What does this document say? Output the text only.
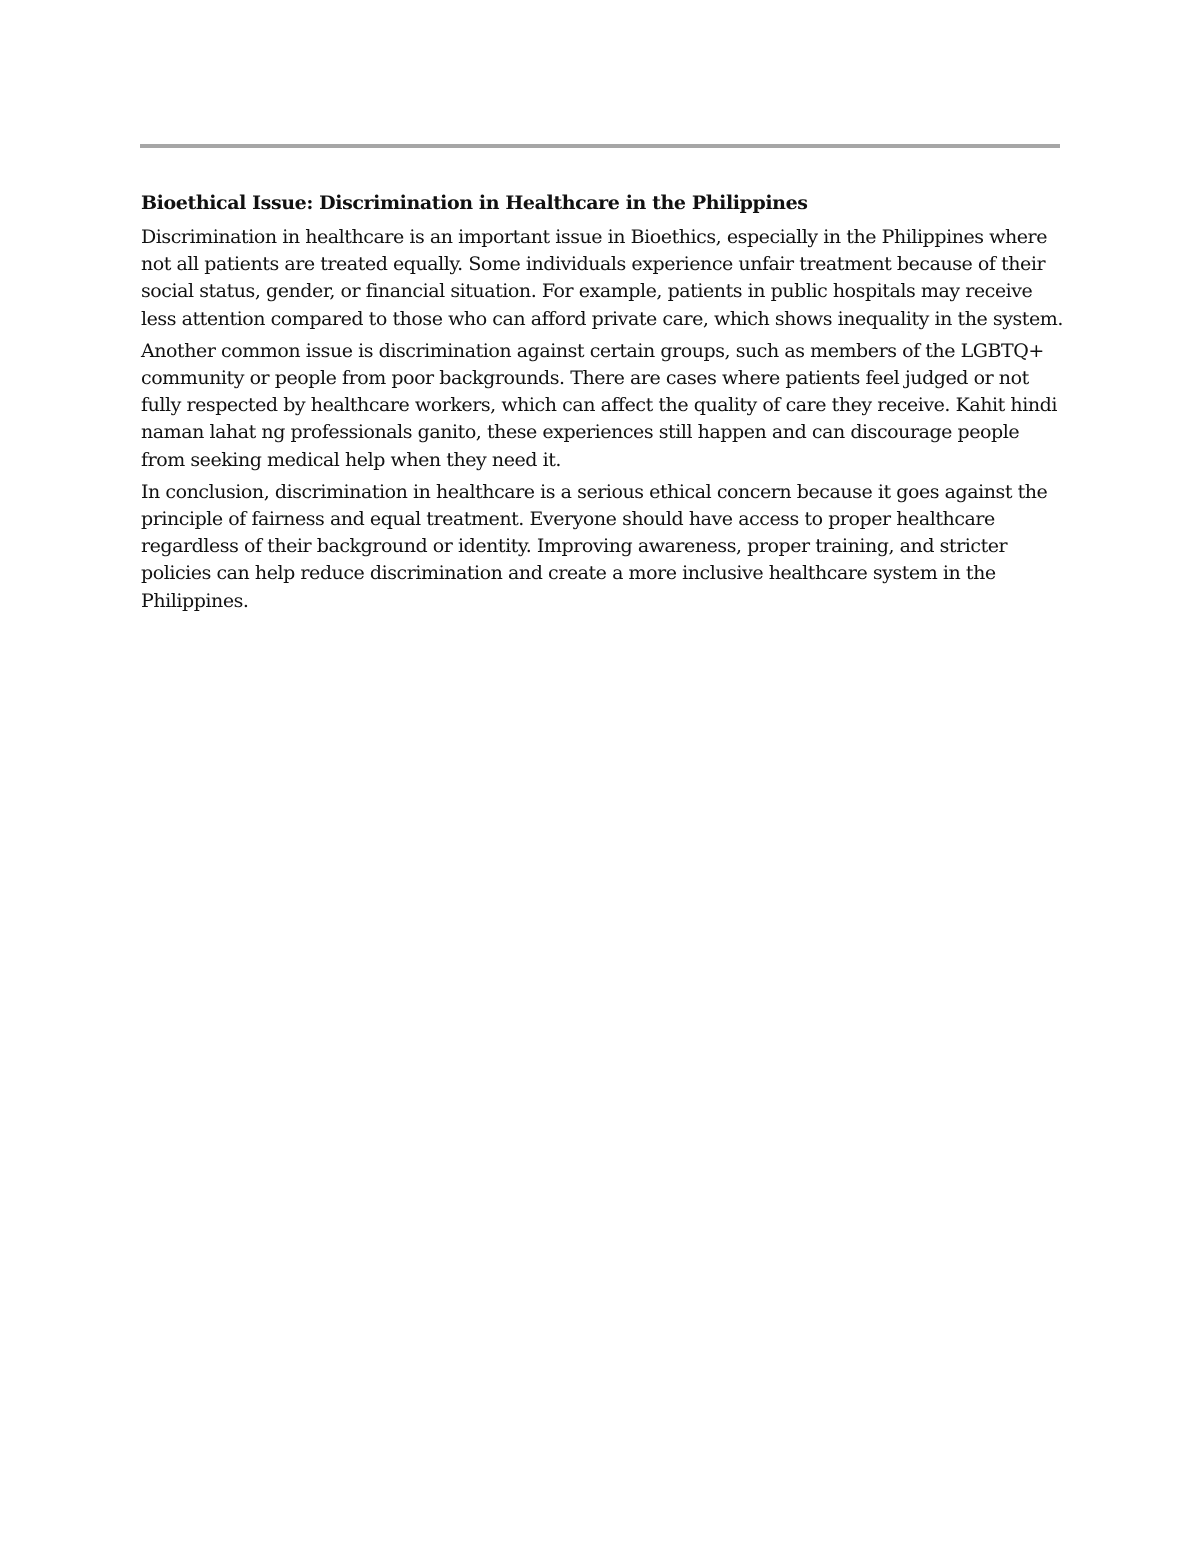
Bioethical Issue: Discrimination in Healthcare in the Philippines

Discrimination in healthcare is an important issue in Bioethics, especially in the Philippines where not all patients are treated equally. Some individuals experience unfair treatment because of their social status, gender, or financial situation. For example, patients in public hospitals may receive less attention compared to those who can afford private care, which shows inequality in the system.

Another common issue is discrimination against certain groups, such as members of the LGBTQ+ community or people from poor backgrounds. There are cases where patients feel judged or not fully respected by healthcare workers, which can affect the quality of care they receive. Kahit hindi naman lahat ng professionals ganito, these experiences still happen and can discourage people from seeking medical help when they need it.

In conclusion, discrimination in healthcare is a serious ethical concern because it goes against the principle of fairness and equal treatment. Everyone should have access to proper healthcare regardless of their background or identity. Improving awareness, proper training, and stricter policies can help reduce discrimination and create a more inclusive healthcare system in the Philippines.
